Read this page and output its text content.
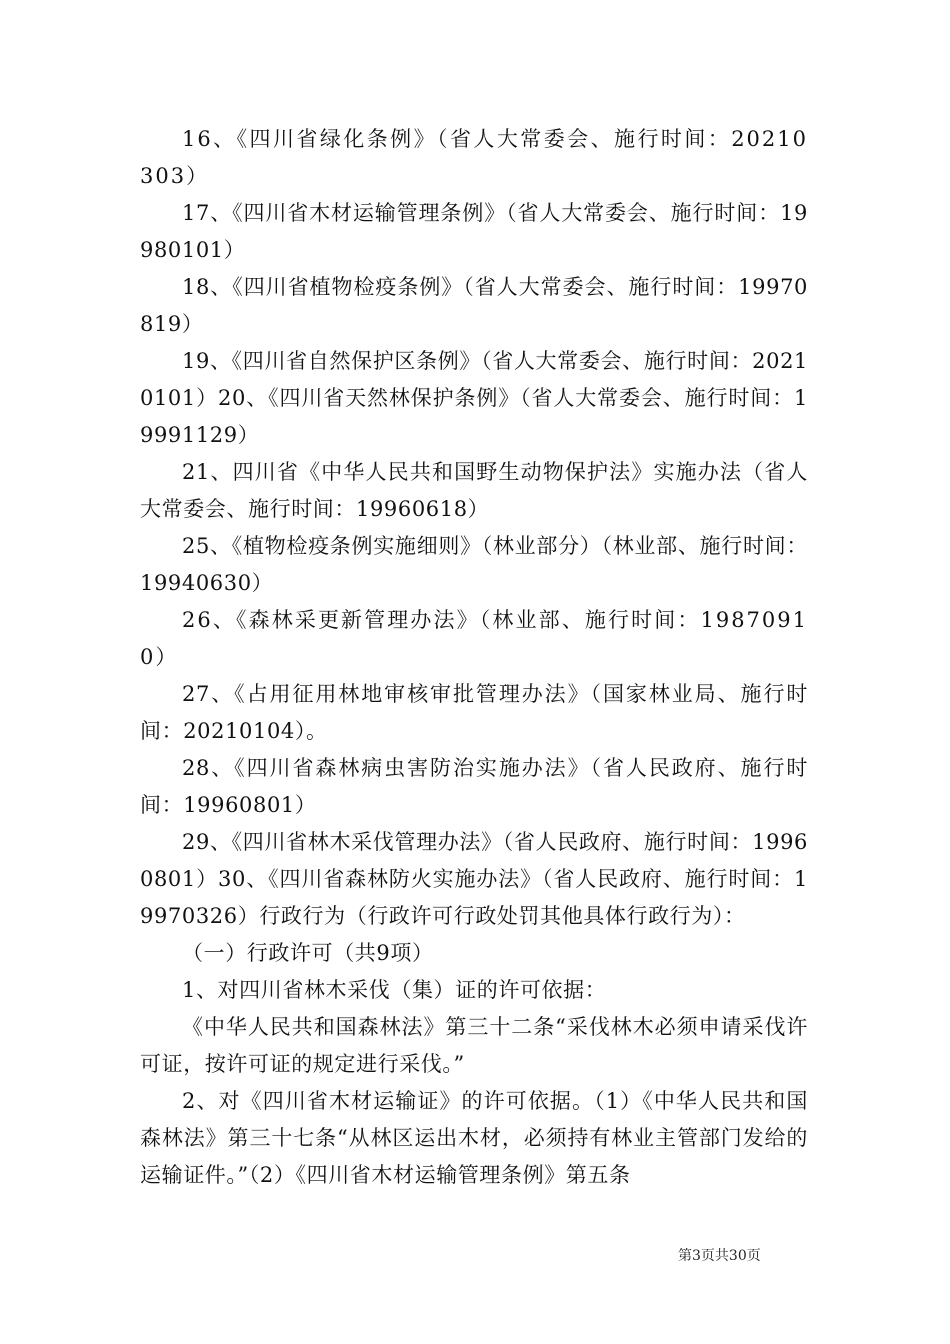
16、《四川省绿化条例》（省人大常委会、施行时间：20210303）

17、《四川省木材运输管理条例》（省人大常委会、施行时间：19980101）

18、《四川省植物检疫条例》（省人大常委会、施行时间：19970819）

19、《四川省自然保护区条例》（省人大常委会、施行时间：20210101）20、《四川省天然林保护条例》（省人大常委会、施行时间：19991129）

21、四川省《中华人民共和国野生动物保护法》实施办法（省人大常委会、施行时间：19960618）

25、《植物检疫条例实施细则》（林业部分）（林业部、施行时间：19940630）

26、《森林采更新管理办法》（林业部、施行时间：19870910）

27、《占用征用林地审核审批管理办法》（国家林业局、施行时间：20210104）。

28、《四川省森林病虫害防治实施办法》（省人民政府、施行时间：19960801）

29、《四川省林木采伐管理办法》（省人民政府、施行时间：19960801）30、《四川省森林防火实施办法》（省人民政府、施行时间：19970326）行政行为（行政许可行政处罚其他具体行政行为）：

（一）行政许可（共9项）

1、对四川省林木采伐（集）证的许可依据：

《中华人民共和国森林法》第三十二条“采伐林木必须申请采伐许可证，按许可证的规定进行采伐。”

2、对《四川省木材运输证》的许可依据。（1）《中华人民共和国森林法》第三十七条“从林区运出木材，必须持有林业主管部门发给的运输证件。”（2）《四川省木材运输管理条例》第五条

第3页共30页
